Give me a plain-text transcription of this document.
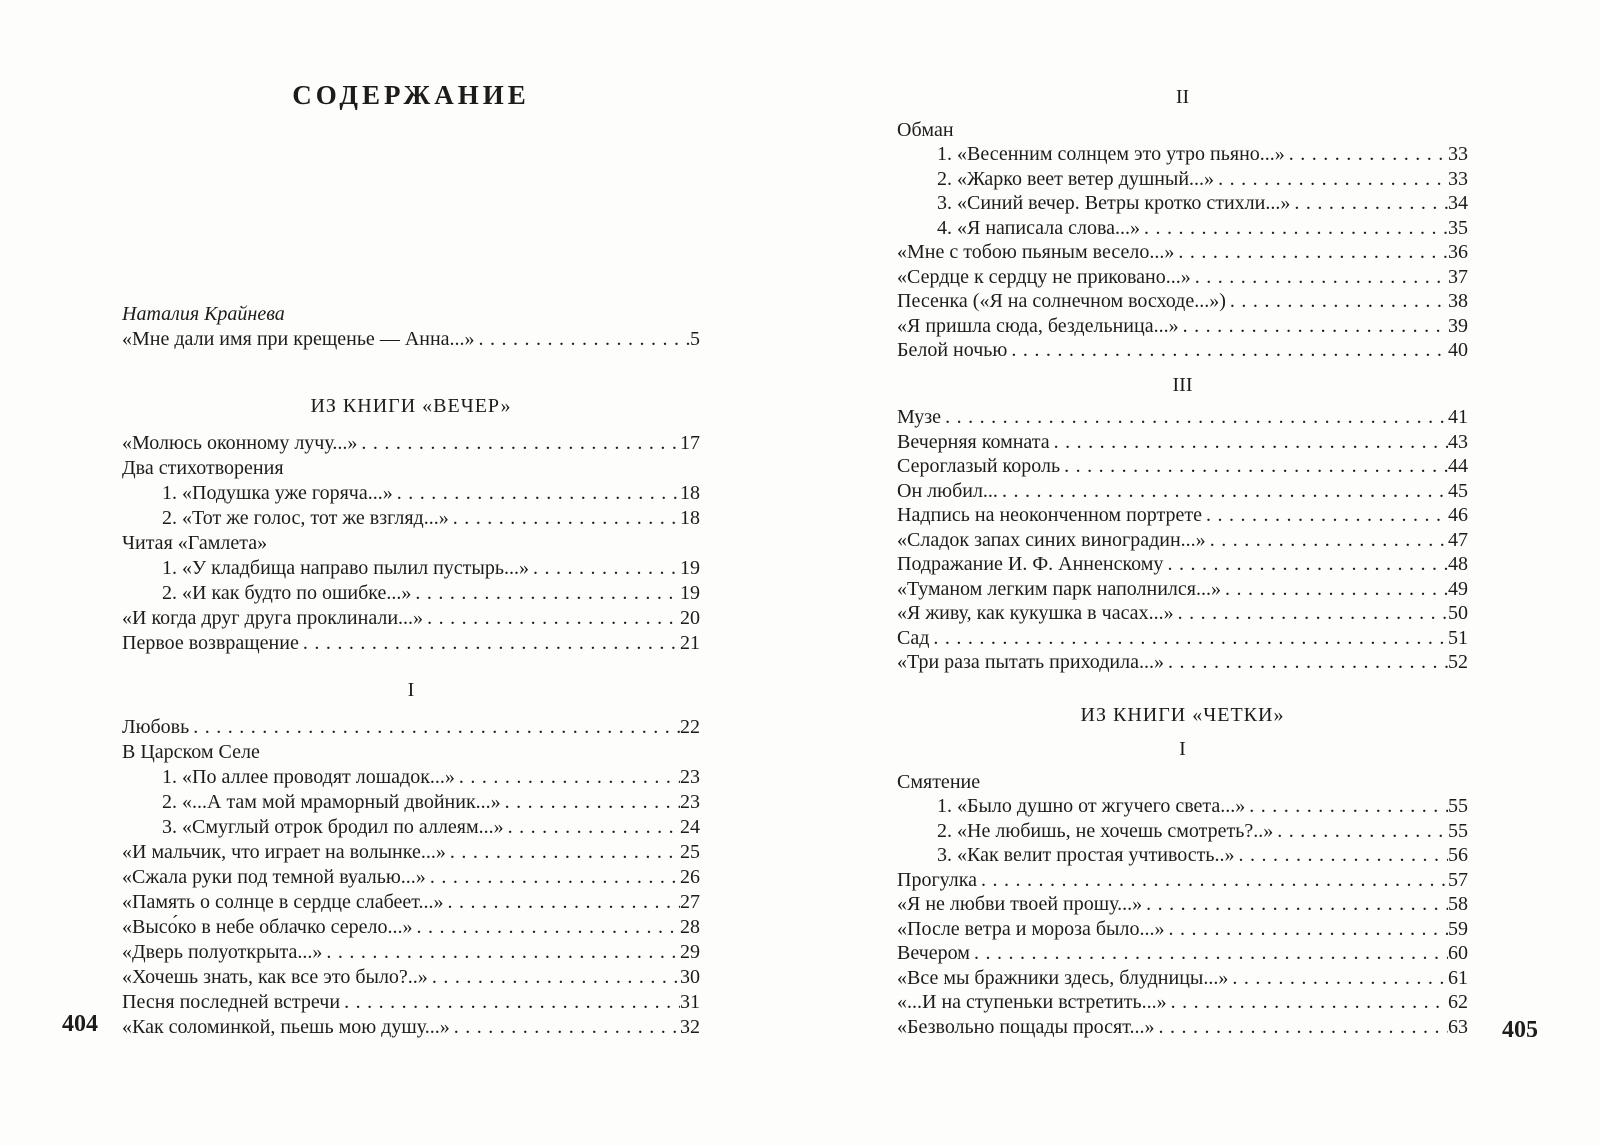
СОДЕРЖАНИЕ
Наталия Крайнева
«Мне дали имя при крещенье — Анна...» .....	5
ИЗ КНИГИ «ВЕЧЕР»
«Молюсь оконному лучу...» .....	17
Два стихотворения
1. «Подушка уже горяча...» .....	18
2. «Тот же голос, тот же взгляд...» .....	18
Читая «Гамлета»
1. «У кладбища направо пылил пустырь...» .....	19
2. «И как будто по ошибке...» .....	19
«И когда друг друга проклинали...» .....	20
Первое возвращение .....	21
I
Любовь .....	22
В Царском Селе
1. «По аллее проводят лошадок...» .....	23
2. «...А там мой мраморный двойник...» .....	23
3. «Смуглый отрок бродил по аллеям...» .....	24
«И мальчик, что играет на волынке...» .....	25
«Сжала руки под темной вуалью...» .....	26
«Память о солнце в сердце слабеет...» .....	27
«Высо́ко в небе облачко серело...» .....	28
«Дверь полуоткрыта...» .....	29
«Хочешь знать, как все это было?..» .....	30
Песня последней встречи .....	31
«Как соломинкой, пьешь мою душу...» .....	32
II
Обман
1. «Весенним солнцем это утро пьяно...» .....	33
2. «Жарко веет ветер душный...» .....	33
3. «Синий вечер. Ветры кротко стихли...» .....	34
4. «Я написала слова...» .....	35
«Мне с тобою пьяным весело...» .....	36
«Сердце к сердцу не приковано...» .....	37
Песенка («Я на солнечном восходе...») .....	38
«Я пришла сюда, бездельница...» .....	39
Белой ночью .....	40
III
Музе .....	41
Вечерняя комната .....	43
Сероглазый король .....	44
Он любил... .....	45
Надпись на неоконченном портрете .....	46
«Сладок запах синих виноградин...» .....	47
Подражание И. Ф. Анненскому .....	48
«Туманом легким парк наполнился...» .....	49
«Я живу, как кукушка в часах...» .....	50
Сад .....	51
«Три раза пытать приходила...» .....	52
ИЗ КНИГИ «ЧЕТКИ»
I
Смятение
1. «Было душно от жгучего света...» .....	55
2. «Не любишь, не хочешь смотреть?..» .....	55
3. «Как велит простая учтивость..» .....	56
Прогулка .....	57
«Я не любви твоей прошу...» .....	58
«После ветра и мороза было...» .....	59
Вечером .....	60
«Все мы бражники здесь, блудницы...» .....	61
«...И на ступеньки встретить...» .....	62
«Безвольно пощады просят...» .....	63
404	405
